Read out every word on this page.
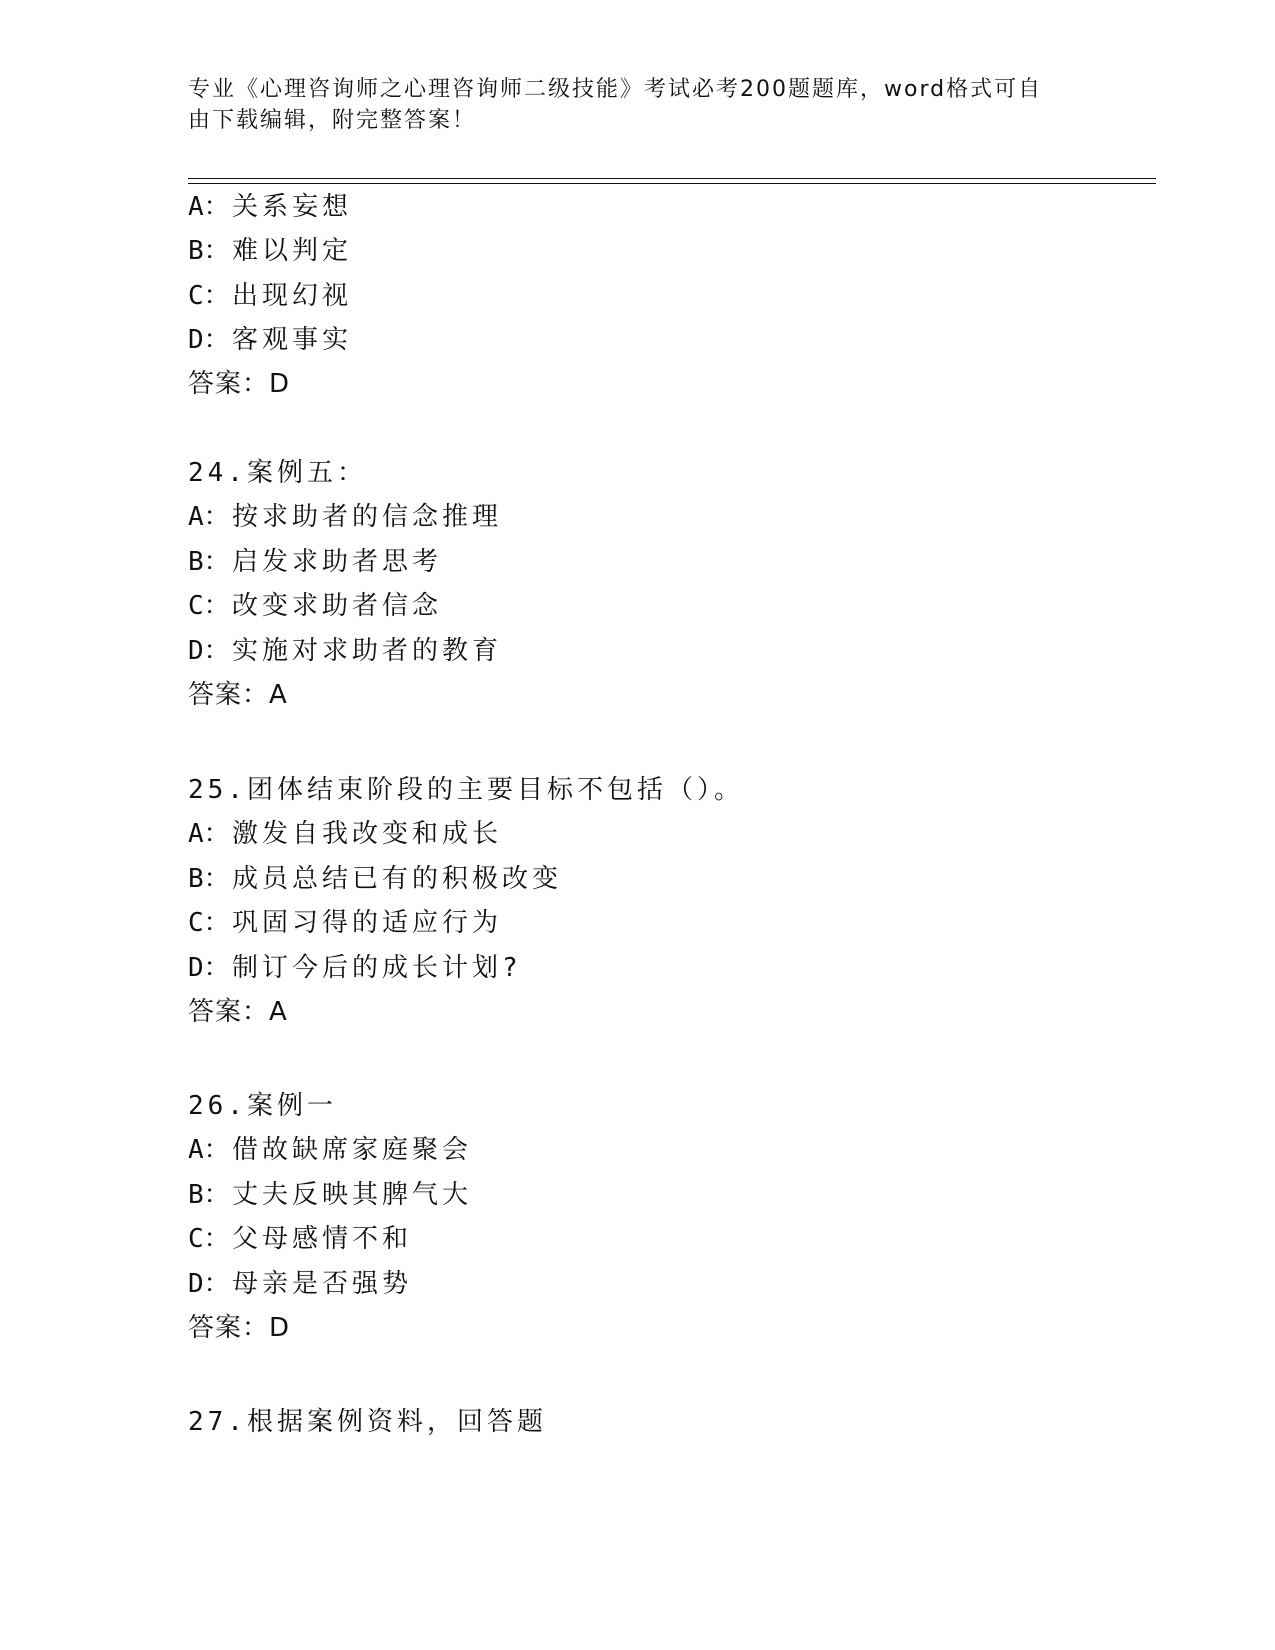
专业《心理咨询师之心理咨询师二级技能》考试必考200题题库，word格式可自
由下载编辑，附完整答案！
A：关系妄想
B：难以判定
C：出现幻视
D：客观事实
答案：D
24.案例五：
A：按求助者的信念推理
B：启发求助者思考
C：改变求助者信念
D：实施对求助者的教育
答案：A
25.团体结束阶段的主要目标不包括（）。
A：激发自我改变和成长
B：成员总结已有的积极改变
C：巩固习得的适应行为
D：制订今后的成长计划?
答案：A
26.案例一
A：借故缺席家庭聚会
B：丈夫反映其脾气大
C：父母感情不和
D：母亲是否强势
答案：D
27.根据案例资料，回答题
